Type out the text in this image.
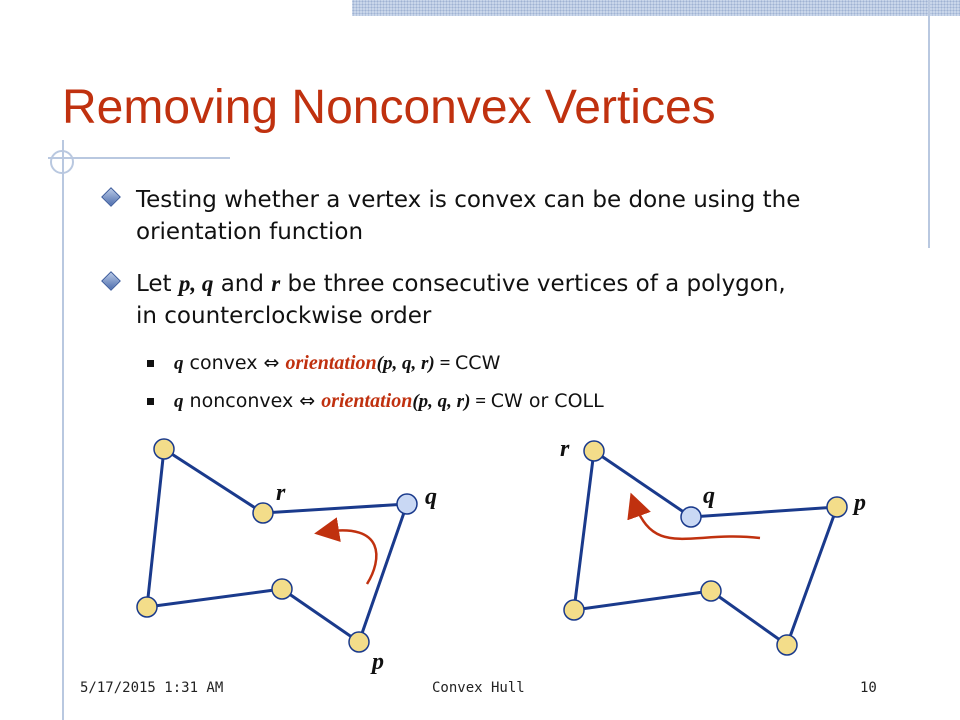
Removing Nonconvex Vertices
Testing whether a vertex is convex can be done using the orientation function
Let p, q and r be three consecutive vertices of a polygon, in counterclockwise order
q convex ⇔ orientation(p, q, r) = CCW
q nonconvex ⇔ orientation(p, q, r) = CW or COLL
r	q
p
r
q	p
5/17/2015 1:31 AM	Convex Hull	10
